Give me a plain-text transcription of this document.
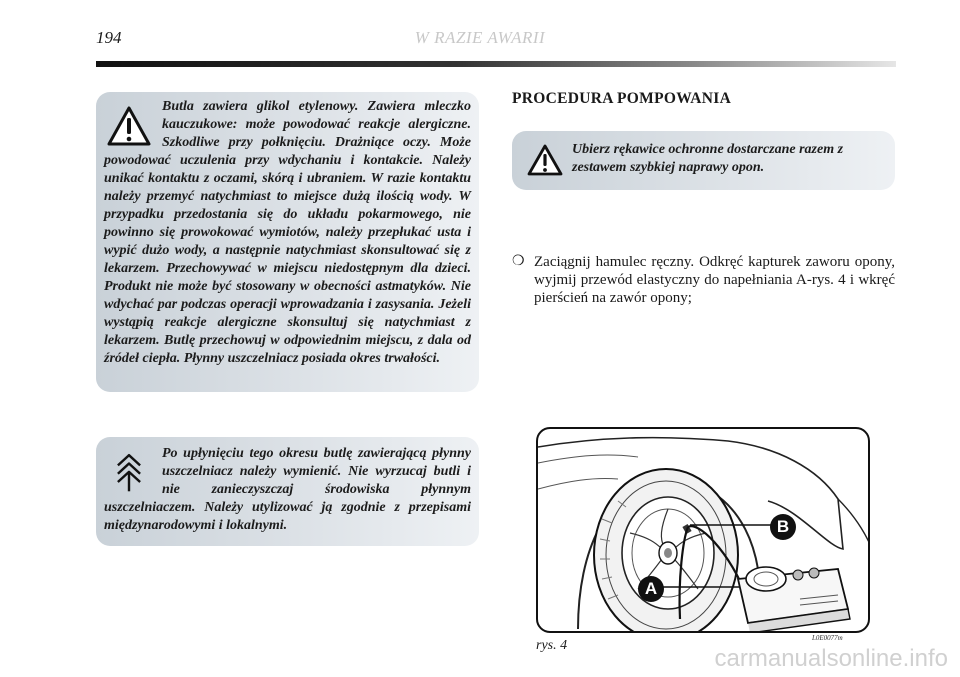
194	W RAZIE AWARII

Butla zawiera glikol etylenowy. Zawiera mleczko kauczukowe: może powodować reakcje alergiczne. Szkodliwe przy połknięciu. Drażniące oczy. Może powodować uczulenia przy wdychaniu i kontakcie. Należy unikać kontaktu z oczami, skórą i ubraniem. W razie kontaktu należy przemyć natychmiast to miejsce dużą ilością wody. W przypadku przedostania się do układu pokarmowego, nie powinno się prowokować wymiotów, należy przepłukać usta i wypić dużo wody, a następnie natychmiast skonsultować się z lekarzem. Przechowywać w miejscu niedostępnym dla dzieci. Produkt nie może być stosowany w obecności astmatyków. Nie wdychać par podczas operacji wprowadzania i zasysania. Jeżeli wystąpią reakcje alergiczne skonsultuj się natychmiast z lekarzem. Butlę przechowuj w odpowiednim miejscu, z dala od źródeł ciepła. Płynny uszczelniacz posiada okres trwałości.

Po upłynięciu tego okresu butlę zawierającą płynny uszczelniacz należy wymienić. Nie wyrzucaj butli i nie zanieczyszczaj środowiska płynnym uszczelniaczem. Należy utylizować ją zgodnie z przepisami międzynarodowymi i lokalnymi.

PROCEDURA POMPOWANIA

Ubierz rękawice ochronne dostarczane razem z zestawem szybkiej naprawy opon.

❍ Zaciągnij hamulec ręczny. Odkręć kapturek zaworu opony, wyjmij przewód elastyczny do napełniania A-rys. 4 i wkręć pierścień na zawór opony;

B
A
rys. 4	L0E0077m
carmanualsonline.info
